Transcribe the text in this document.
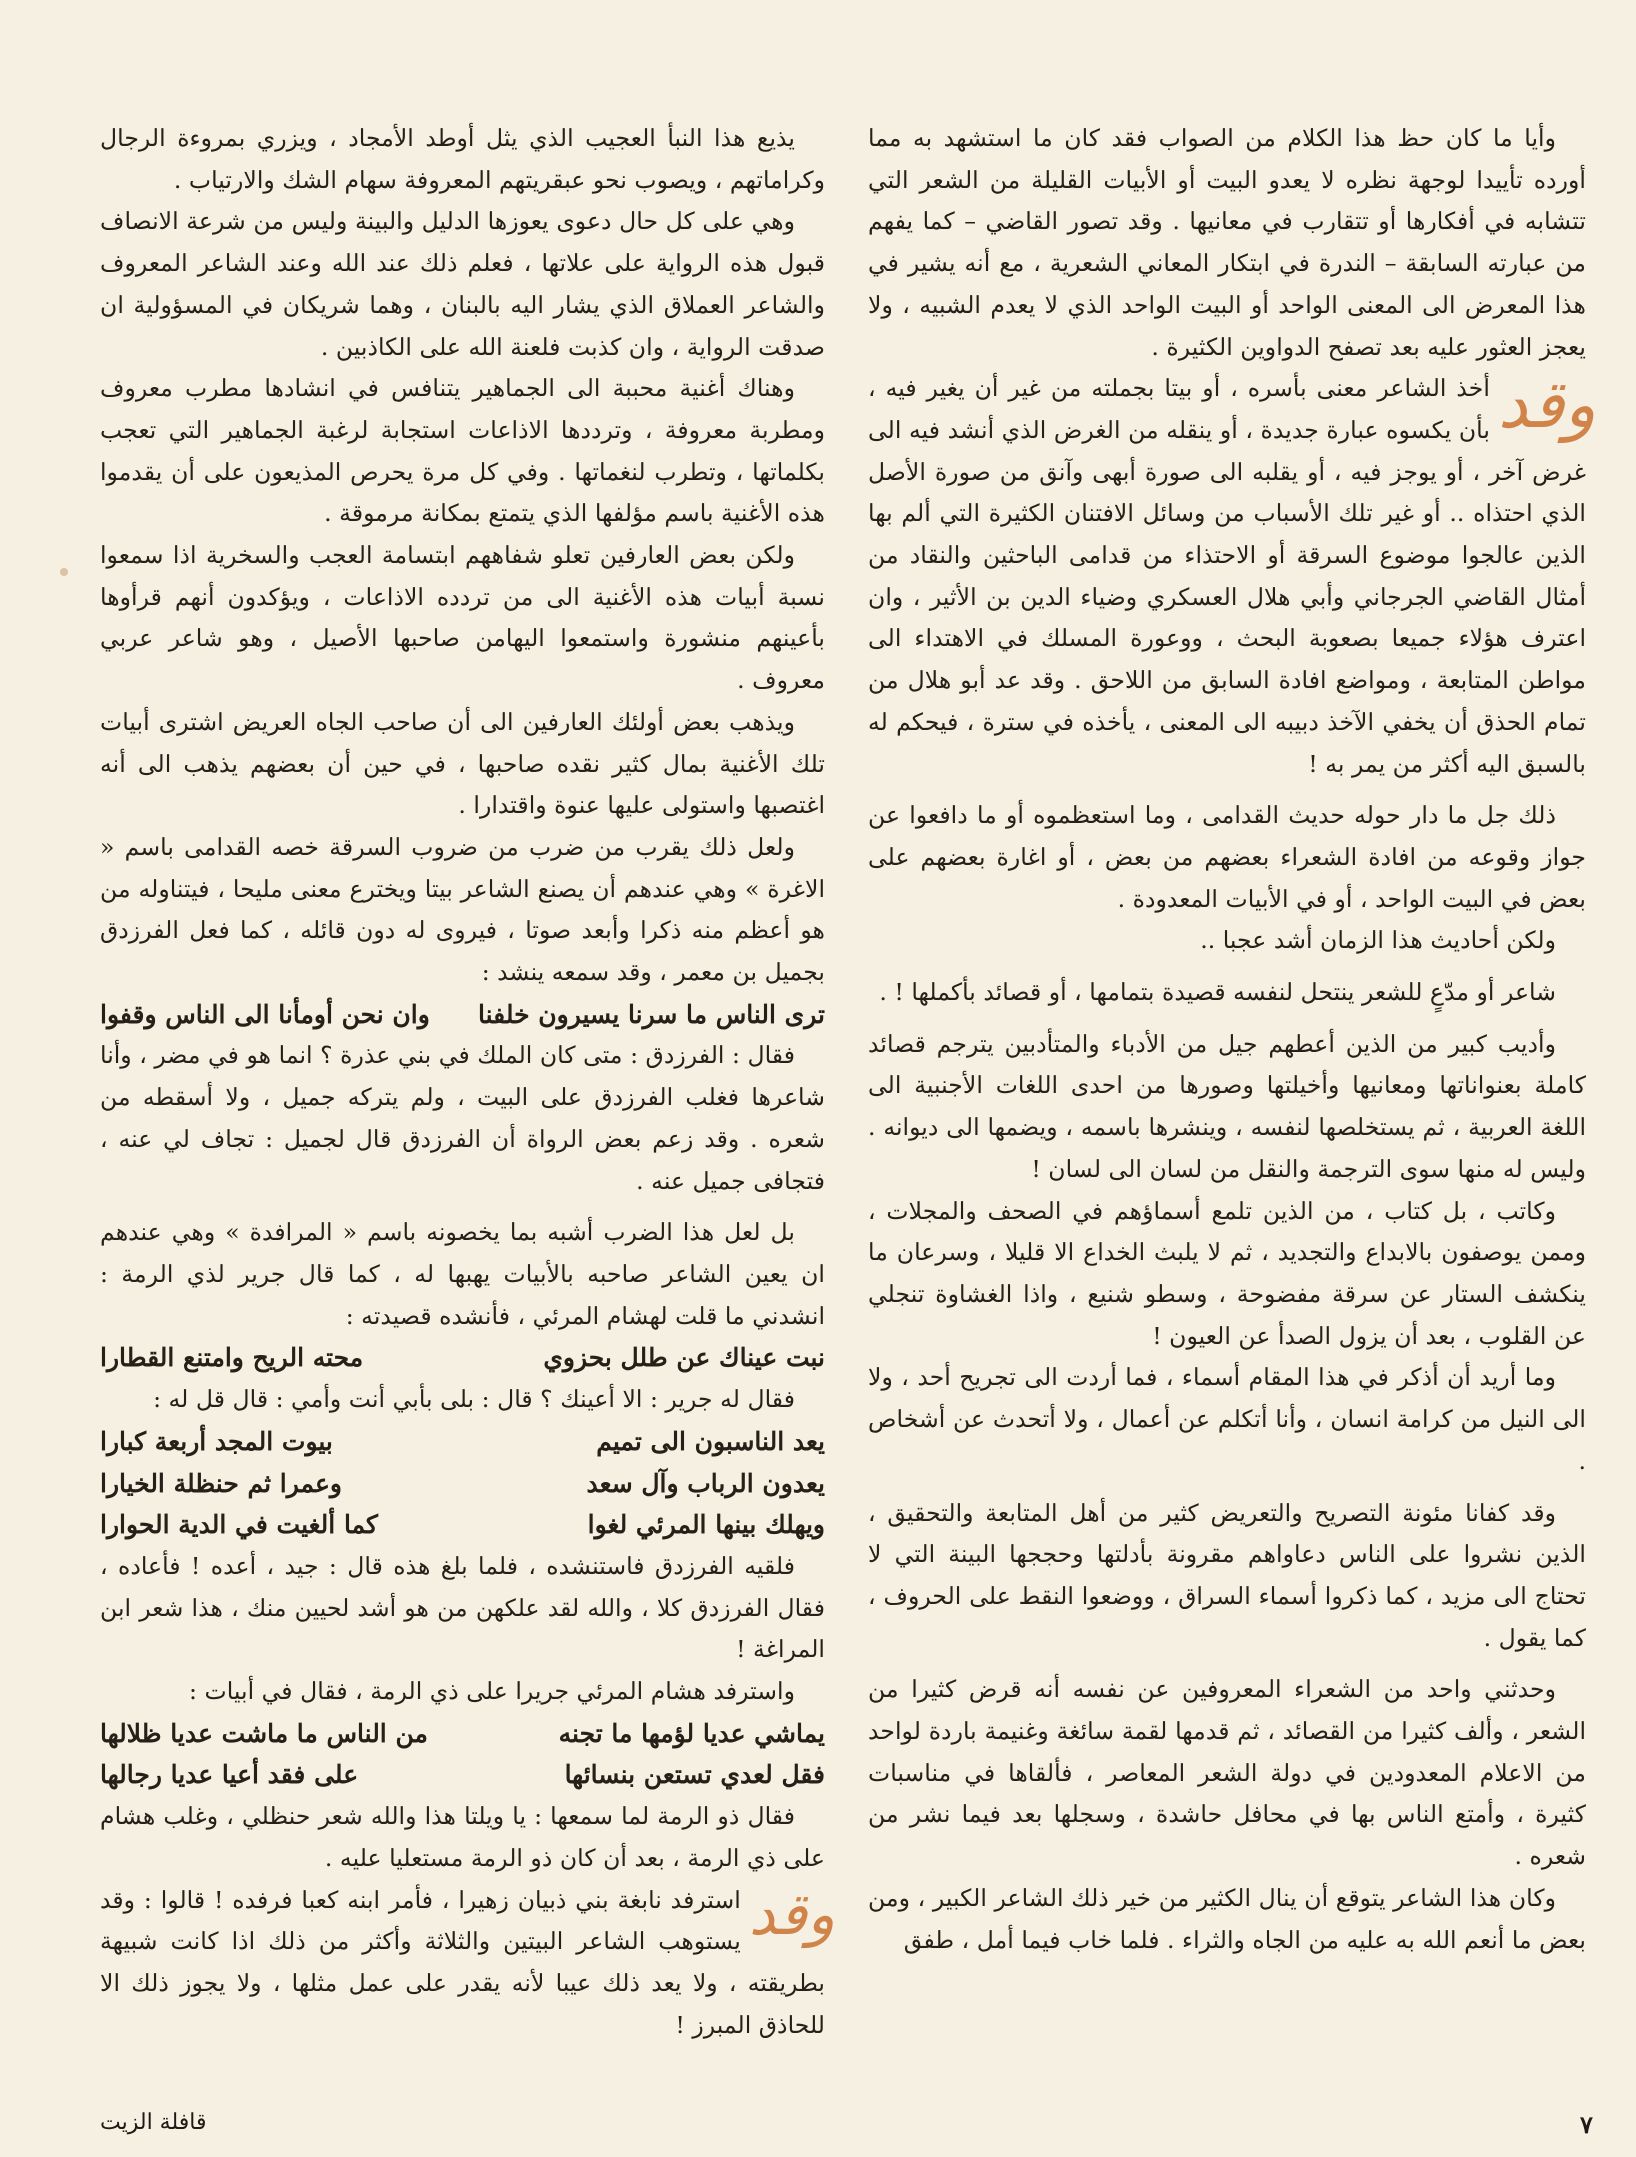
وأيا ما كان حظ هذا الكلام من الصواب فقد كان ما استشهد به مما أورده تأييدا لوجهة نظره لا يعدو البيت أو الأبيات القليلة من الشعر التي تتشابه في أفكارها أو تتقارب في معانيها . وقد تصور القاضي – كما يفهم من عبارته السابقة – الندرة في ابتكار المعاني الشعرية ، مع أنه يشير في هذا المعرض الى المعنى الواحد أو البيت الواحد الذي لا يعدم الشبيه ، ولا يعجز العثور عليه بعد تصفح الدواوين الكثيرة .

وقد
أخذ الشاعر معنى بأسره ، أو بيتا بجملته من غير أن يغير فيه ، بأن يكسوه عبارة جديدة ، أو ينقله من الغرض الذي أنشد فيه الى غرض آخر ، أو يوجز فيه ، أو يقلبه الى صورة أبهى وآنق من صورة الأصل الذي احتذاه .. أو غير تلك الأسباب من وسائل الافتنان الكثيرة التي ألم بها الذين عالجوا موضوع السرقة أو الاحتذاء من قدامى الباحثين والنقاد من أمثال القاضي الجرجاني وأبي هلال العسكري وضياء الدين بن الأثير ، وان اعترف هؤلاء جميعا بصعوبة البحث ، ووعورة المسلك في الاهتداء الى مواطن المتابعة ، ومواضع افادة السابق من اللاحق . وقد عد أبو هلال من تمام الحذق أن يخفي الآخذ دبيبه الى المعنى ، يأخذه في سترة ، فيحكم له بالسبق اليه أكثر من يمر به !

ذلك جل ما دار حوله حديث القدامى ، وما استعظموه أو ما دافعوا عن جواز وقوعه من افادة الشعراء بعضهم من بعض ، أو اغارة بعضهم على بعض في البيت الواحد ، أو في الأبيات المعدودة .

ولكن أحاديث هذا الزمان أشد عجبا ..

شاعر أو مدّعٍ للشعر ينتحل لنفسه قصيدة بتمامها ، أو قصائد بأكملها ! .

وأديب كبير من الذين أعطهم جيل من الأدباء والمتأدبين يترجم قصائد كاملة بعنواناتها ومعانيها وأخيلتها وصورها من احدى اللغات الأجنبية الى اللغة العربية ، ثم يستخلصها لنفسه ، وينشرها باسمه ، ويضمها الى ديوانه . وليس له منها سوى الترجمة والنقل من لسان الى لسان !

وكاتب ، بل كتاب ، من الذين تلمع أسماؤهم في الصحف والمجلات ، وممن يوصفون بالابداع والتجديد ، ثم لا يلبث الخداع الا قليلا ، وسرعان ما ينكشف الستار عن سرقة مفضوحة ، وسطو شنيع ، واذا الغشاوة تنجلي عن القلوب ، بعد أن يزول الصدأ عن العيون !

وما أريد أن أذكر في هذا المقام أسماء ، فما أردت الى تجريح أحد ، ولا الى النيل من كرامة انسان ، وأنا أتكلم عن أعمال ، ولا أتحدث عن أشخاص .

وقد كفانا مئونة التصريح والتعريض كثير من أهل المتابعة والتحقيق ، الذين نشروا على الناس دعاواهم مقرونة بأدلتها وحججها البينة التي لا تحتاج الى مزيد ، كما ذكروا أسماء السراق ، ووضعوا النقط على الحروف ، كما يقول .

وحدثني واحد من الشعراء المعروفين عن نفسه أنه قرض كثيرا من الشعر ، وألف كثيرا من القصائد ، ثم قدمها لقمة سائغة وغنيمة باردة لواحد من الاعلام المعدودين في دولة الشعر المعاصر ، فألقاها في مناسبات كثيرة ، وأمتع الناس بها في محافل حاشدة ، وسجلها بعد فيما نشر من شعره .

وكان هذا الشاعر يتوقع أن ينال الكثير من خير ذلك الشاعر الكبير ، ومن بعض ما أنعم الله به عليه من الجاه والثراء . فلما خاب فيما أمل ، طفق

يذيع هذا النبأ العجيب الذي يثل أوطد الأمجاد ، ويزري بمروءة الرجال وكراماتهم ، ويصوب نحو عبقريتهم المعروفة سهام الشك والارتياب .

وهي على كل حال دعوى يعوزها الدليل والبينة وليس من شرعة الانصاف قبول هذه الرواية على علاتها ، فعلم ذلك عند الله وعند الشاعر المعروف والشاعر العملاق الذي يشار اليه بالبنان ، وهما شريكان في المسؤولية ان صدقت الرواية ، وان كذبت فلعنة الله على الكاذبين .

وهناك أغنية محببة الى الجماهير يتنافس في انشادها مطرب معروف ومطربة معروفة ، وترددها الاذاعات استجابة لرغبة الجماهير التي تعجب بكلماتها ، وتطرب لنغماتها . وفي كل مرة يحرص المذيعون على أن يقدموا هذه الأغنية باسم مؤلفها الذي يتمتع بمكانة مرموقة .

ولكن بعض العارفين تعلو شفاههم ابتسامة العجب والسخرية اذا سمعوا نسبة أبيات هذه الأغنية الى من تردده الاذاعات ، ويؤكدون أنهم قرأوها بأعينهم منشورة واستمعوا اليهامن صاحبها الأصيل ، وهو شاعر عربي معروف .

ويذهب بعض أولئك العارفين الى أن صاحب الجاه العريض اشترى أبيات تلك الأغنية بمال كثير نقده صاحبها ، في حين أن بعضهم يذهب الى أنه اغتصبها واستولى عليها عنوة واقتدارا .

ولعل ذلك يقرب من ضرب من ضروب السرقة خصه القدامى باسم « الاغرة » وهي عندهم أن يصنع الشاعر بيتا ويخترع معنى مليحا ، فيتناوله من هو أعظم منه ذكرا وأبعد صوتا ، فيروى له دون قائله ، كما فعل الفرزدق بجميل بن معمر ، وقد سمعه ينشد :

ترى الناس ما سرنا يسيرون خلفنا
وان نحن أومأنا الى الناس وقفوا

فقال : الفرزدق : متى كان الملك في بني عذرة ؟ انما هو في مضر ، وأنا شاعرها فغلب الفرزدق على البيت ، ولم يتركه جميل ، ولا أسقطه من شعره . وقد زعم بعض الرواة أن الفرزدق قال لجميل : تجاف لي عنه ، فتجافى جميل عنه .

بل لعل هذا الضرب أشبه بما يخصونه باسم « المرافدة » وهي عندهم ان يعين الشاعر صاحبه بالأبيات يهبها له ، كما قال جرير لذي الرمة : انشدني ما قلت لهشام المرئي ، فأنشده قصيدته :

نبت عيناك عن طلل بحزوي
محته الريح وامتنع القطارا

فقال له جرير : الا أعينك ؟ قال : بلى بأبي أنت وأمي : قال قل له :

يعد الناسبون الى تميم
بيوت المجد أربعة كبارا
يعدون الرباب وآل سعد
وعمرا ثم حنظلة الخيارا
ويهلك بينها المرئي لغوا
كما ألغيت في الدية الحوارا

فلقيه الفرزدق فاستنشده ، فلما بلغ هذه قال : جيد ، أعده ! فأعاده ، فقال الفرزدق كلا ، والله لقد علكهن من هو أشد لحيين منك ، هذا شعر ابن المراغة !

واسترفد هشام المرئي جريرا على ذي الرمة ، فقال في أبيات :

يماشي عديا لؤمها ما تجنه
من الناس ما ماشت عديا ظلالها
فقل لعدي تستعن بنسائها
على فقد أعيا عديا رجالها

فقال ذو الرمة لما سمعها : يا ويلتا هذا والله شعر حنظلي ، وغلب هشام على ذي الرمة ، بعد أن كان ذو الرمة مستعليا عليه .

وقد
استرفد نابغة بني ذبيان زهيرا ، فأمر ابنه كعبا فرفده ! قالوا : وقد يستوهب الشاعر البيتين والثلاثة وأكثر من ذلك اذا كانت شبيهة بطريقته ، ولا يعد ذلك عيبا لأنه يقدر على عمل مثلها ، ولا يجوز ذلك الا للحاذق المبرز !

٧
قافلة الزيت
